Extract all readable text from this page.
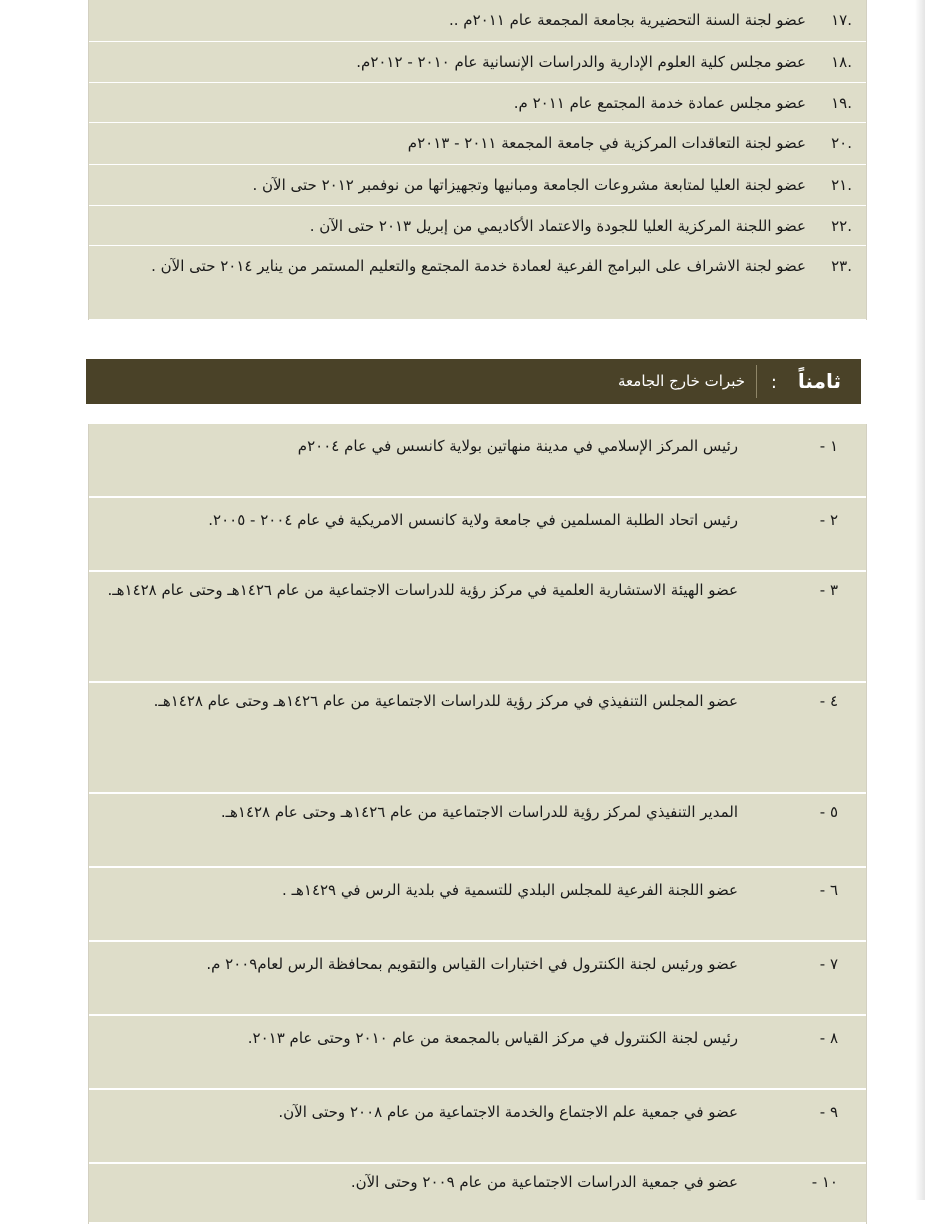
.١٧
عضو لجنة السنة التحضيرية بجامعة المجمعة عام ٢٠١١م ..
.١٨
عضو مجلس كلية العلوم الإدارية والدراسات الإنسانية عام ٢٠١٠ - ٢٠١٢م.
.١٩
عضو مجلس عمادة خدمة المجتمع عام ٢٠١١ م.
.٢٠
عضو لجنة التعاقدات المركزية في جامعة المجمعة ٢٠١١ - ٢٠١٣م
.٢١
عضو لجنة العليا لمتابعة مشروعات الجامعة ومبانيها وتجهيزاتها من نوفمبر ٢٠١٢ حتى الآن .
.٢٢
عضو اللجنة المركزية العليا للجودة والاعتماد الأكاديمي من إبريل ٢٠١٣ حتى الآن .
.٢٣
عضو لجنة الاشراف على البرامج الفرعية لعمادة خدمة المجتمع والتعليم المستمر من يناير ٢٠١٤ حتى الآن .
ثامناً
:
خبرات خارج الجامعة
١ -
رئيس المركز الإسلامي في مدينة منهاتين بولاية كانسس في عام ٢٠٠٤م
٢ -
رئيس اتحاد الطلبة المسلمين في جامعة ولاية كانسس الامريكية في عام ٢٠٠٤ - ٢٠٠٥.
٣ -
عضو الهيئة الاستشارية العلمية في مركز رؤية للدراسات الاجتماعية من عام ١٤٢٦هـ وحتى عام ١٤٢٨هـ.
٤ -
عضو المجلس التنفيذي في مركز رؤية للدراسات الاجتماعية من عام ١٤٢٦هـ وحتى عام ١٤٢٨هـ.
٥ -
المدير التنفيذي لمركز رؤية للدراسات الاجتماعية من عام ١٤٢٦هـ وحتى عام ١٤٢٨هـ.
٦ -
عضو اللجنة الفرعية للمجلس البلدي للتسمية في بلدية الرس في ١٤٢٩هـ .
٧ -
عضو ورئيس لجنة الكنترول في اختبارات القياس والتقويم بمحافظة الرس لعام٢٠٠٩ م.
٨ -
رئيس لجنة الكنترول في مركز القياس بالمجمعة من عام ٢٠١٠ وحتى عام ٢٠١٣.
٩ -
عضو في جمعية علم الاجتماع والخدمة الاجتماعية من عام ٢٠٠٨ وحتى الآن.
١٠ -
عضو في جمعية الدراسات الاجتماعية من عام ٢٠٠٩ وحتى الآن.
